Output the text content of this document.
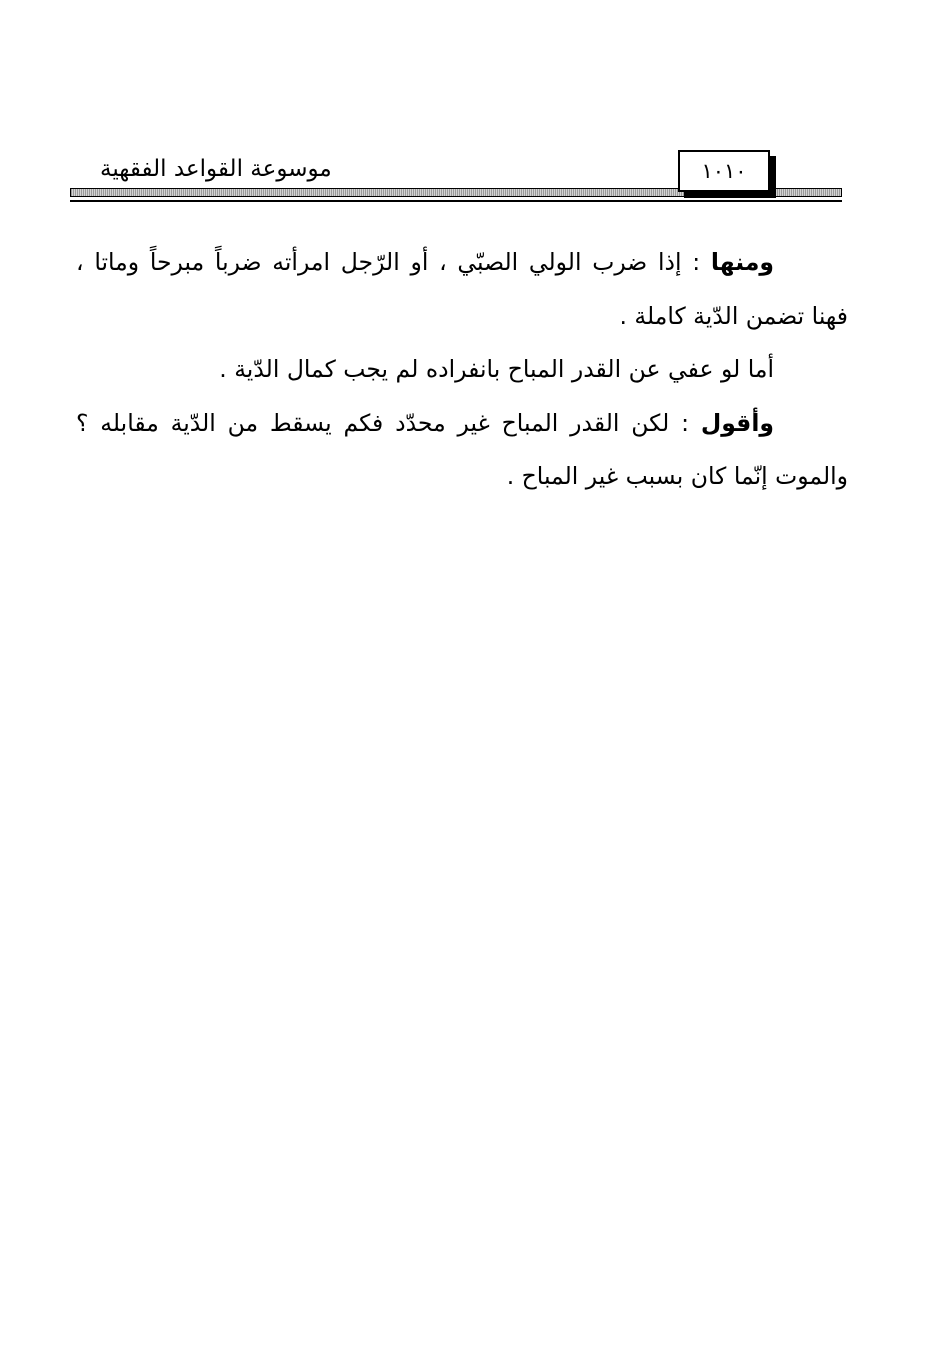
موسوعة القواعد الفقهية	١٠١٠

ومنها : إذا ضرب الولي الصبّي ، أو الرّجل امرأته ضرباً مبرحاً وماتا ، فهنا تضمن الدّية كاملة .

أما لو عفي عن القدر المباح بانفراده لم يجب كمال الدّية .

وأقول : لكن القدر المباح غير محدّد فكم يسقط من الدّية مقابله ؟ والموت إنّما كان بسبب غير المباح .
